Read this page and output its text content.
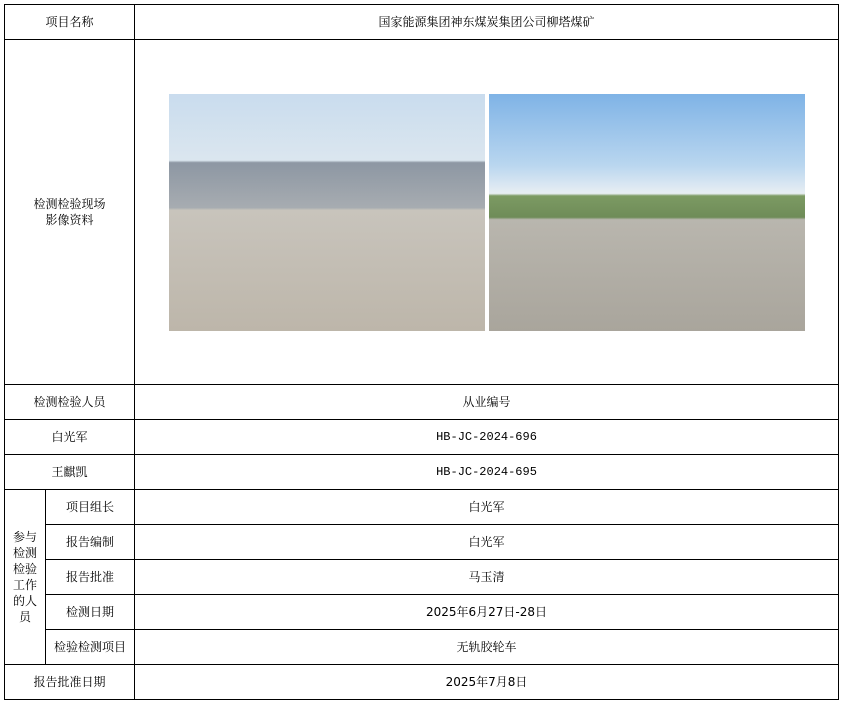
项目名称		国家能源集团神东煤炭集团公司柳塔煤矿
检测检验现场影像资料		

检测检验人员		从业编号
白光军		HB-JC-2024-696
王麒凯		HB-JC-2024-695
参与检测检验工作的人员	项目组长	白光军
	报告编制	白光军
	报告批准	马玉清
	检测日期	2025年6月27日-28日
	检验检测项目	无轨胶轮车
报告批准日期		2025年7月8日
